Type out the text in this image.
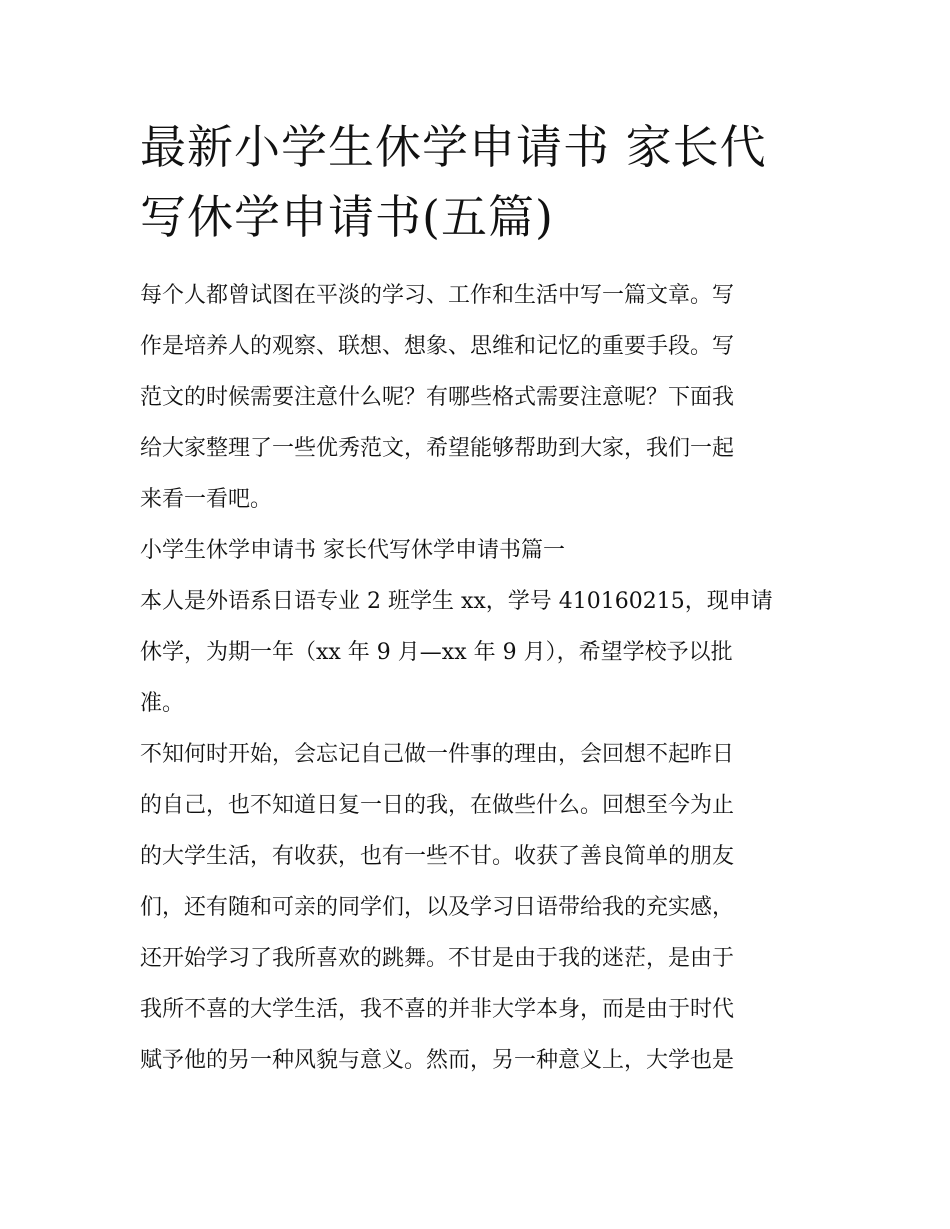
最新小学生休学申请书 家长代
写休学申请书(五篇)
每个人都曾试图在平淡的学习、工作和生活中写一篇文章。写
作是培养人的观察、联想、想象、思维和记忆的重要手段。写
范文的时候需要注意什么呢？有哪些格式需要注意呢？下面我
给大家整理了一些优秀范文，希望能够帮助到大家，我们一起
来看一看吧。
小学生休学申请书 家长代写休学申请书篇一
本人是外语系日语专业 2 班学生 xx，学号 410160215，现申请
休学，为期一年（xx 年 9 月—xx 年 9 月），希望学校予以批
准。
不知何时开始，会忘记自己做一件事的理由，会回想不起昨日
的自己，也不知道日复一日的我，在做些什么。回想至今为止
的大学生活，有收获，也有一些不甘。收获了善良简单的朋友
们，还有随和可亲的同学们，以及学习日语带给我的充实感，
还开始学习了我所喜欢的跳舞。不甘是由于我的迷茫，是由于
我所不喜的大学生活，我不喜的并非大学本身，而是由于时代
赋予他的另一种风貌与意义。然而，另一种意义上，大学也是
